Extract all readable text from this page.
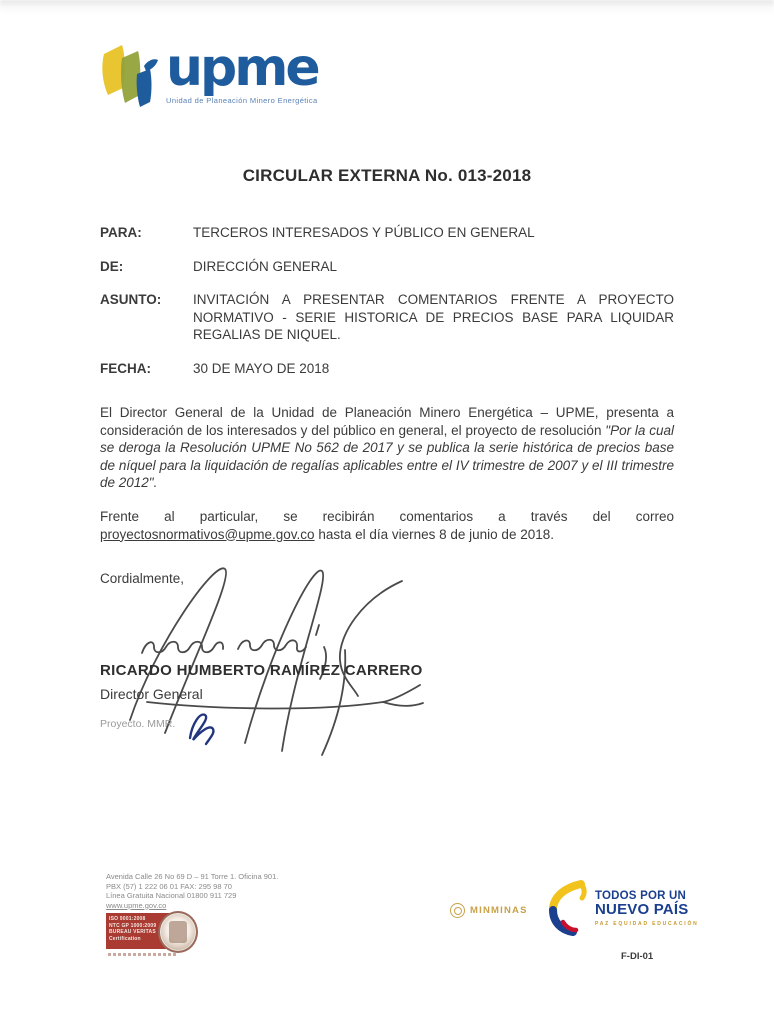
upme
Unidad de Planeación Minero Energética
CIRCULAR EXTERNA No. 013-2018
PARA:	TERCEROS INTERESADOS Y PÚBLICO EN GENERAL
DE:	DIRECCIÓN GENERAL
ASUNTO:	INVITACIÓN A PRESENTAR COMENTARIOS FRENTE A PROYECTO NORMATIVO - SERIE HISTORICA DE PRECIOS BASE PARA LIQUIDAR REGALIAS DE NIQUEL.
FECHA:	30 DE MAYO DE 2018

El Director General de la Unidad de Planeación Minero Energética – UPME, presenta a consideración de los interesados y del público en general, el proyecto de resolución "Por la cual se deroga la Resolución UPME No 562 de 2017 y se publica la serie histórica de precios base de níquel para la liquidación de regalías aplicables entre el IV trimestre de 2007 y el III trimestre de 2012".

Frente al particular, se recibirán comentarios a través del correo proyectosnormativos@upme.gov.co hasta el día viernes 8 de junio de 2018.

Cordialmente,
RICARDO HUMBERTO RAMÍREZ CARRERO
Director General
Proyecto. MMR.
Avenida Calle 26 No 69 D – 91 Torre 1. Oficina 901.
PBX (57) 1 222 06 01 FAX: 295 98 70
Línea Gratuita Nacional 01800 911 729
www.upme.gov.co
ISO 9001:2008
NTC GP 1000:2009
BUREAU VERITAS
Certification
MINMINAS
TODOS POR UN
NUEVO PAÍS
PAZ EQUIDAD EDUCACIÓN
F-DI-01
